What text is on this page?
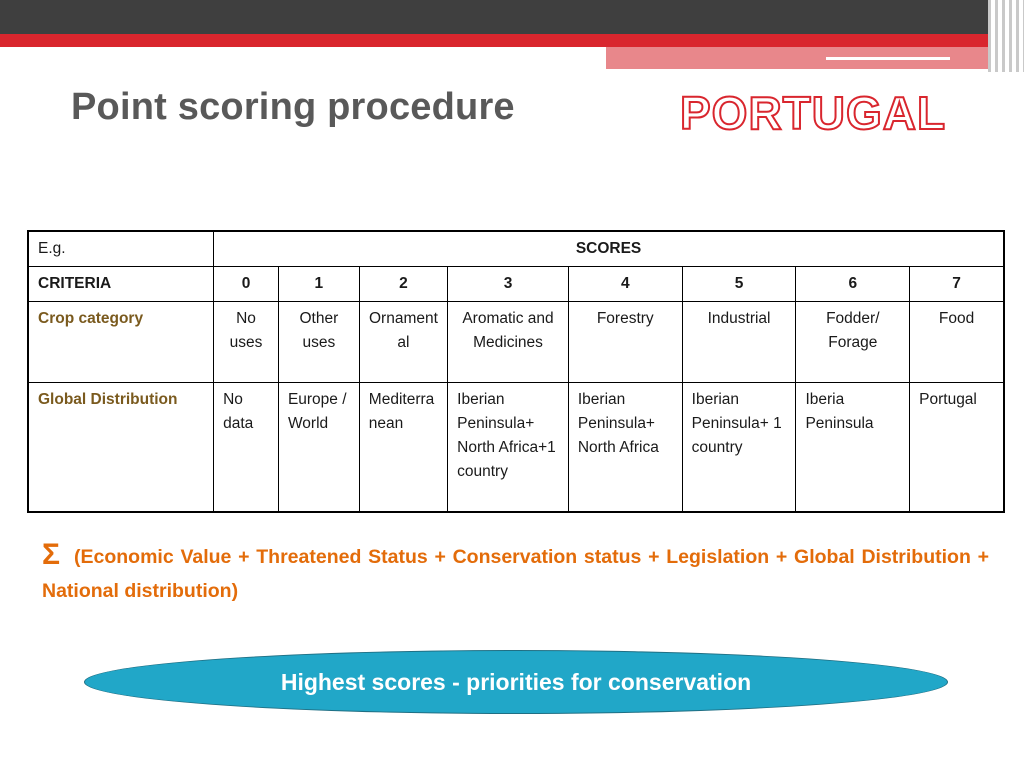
Point scoring procedure	PORTUGAL
E.g.	SCORES							
CRITERIA	0	1	2	3	4	5	6	7
Crop category	No uses	Other uses	Ornamental	Aromatic and Medicines	Forestry	Industrial	Fodder/ Forage	Food
Global Distribution	No data	Europe / World	Mediterranean	Iberian Peninsula+ North Africa+1 country	Iberian Peninsula+ North Africa	Iberian Peninsula+ 1 country	Iberia Peninsula	Portugal
Σ (Economic Value + Threatened Status + Conservation status + Legislation + Global Distribution + National distribution)
Highest scores - priorities for conservation
